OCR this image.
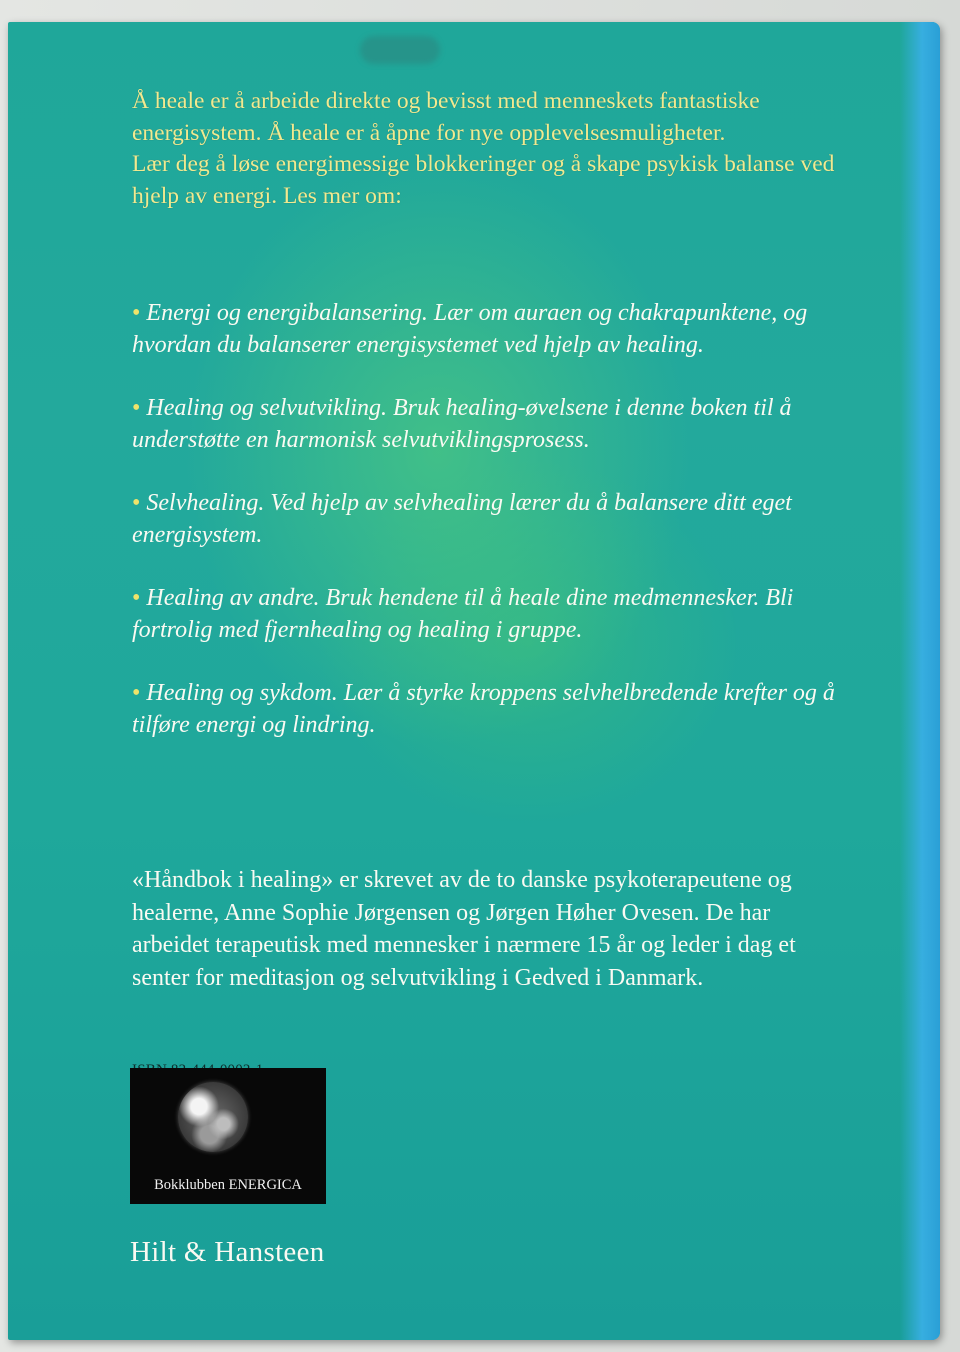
Å heale er å arbeide direkte og bevisst med menneskets fantastiske energisystem. Å heale er å åpne for nye opplevelsesmuligheter.

Lær deg å løse energimessige blokkeringer og å skape psykisk balanse ved hjelp av energi. Les mer om:

• Energi og energibalansering. Lær om auraen og chakrapunktene, og hvordan du balanserer energisystemet ved hjelp av healing.
• Healing og selvutvikling. Bruk healing-øvelsene i denne boken til å understøtte en harmonisk selvutviklingsprosess.
• Selvhealing. Ved hjelp av selvhealing lærer du å balansere ditt eget energisystem.
• Healing av andre. Bruk hendene til å heale dine medmennesker. Bli fortrolig med fjernhealing og healing i gruppe.
• Healing og sykdom. Lær å styrke kroppens selvhelbredende krefter og å tilføre energi og lindring.

«Håndbok i healing» er skrevet av de to danske psykoterapeutene og healerne, Anne Sophie Jørgensen og Jørgen Høher Ovesen. De har arbeidet terapeutisk med mennesker i nærmere 15 år og leder i dag et senter for meditasjon og selvutvikling i Gedved i Danmark.

Bokklubben ENERGICA
Hilt & Hansteen
